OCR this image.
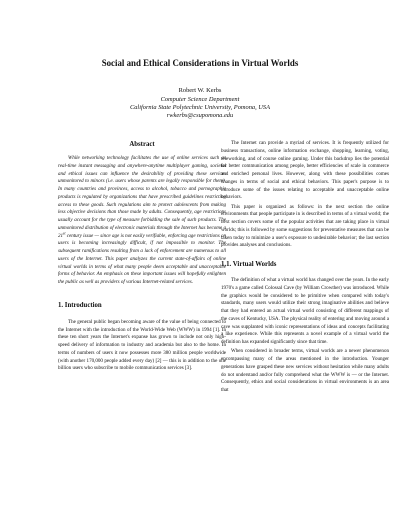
Social and Ethical Considerations in Virtual Worlds
Robert W. Kerbs
Computer Science Department
California State Polytechnic University, Pomona, USA
rwkerbs@csupomona.edu
Abstract

While networking technology facilitates the use of online services such as real-time instant messaging and anywhere-anytime multiplayer gaming, societal and ethical issues can influence the desirability of providing these services unmonitored to minors (i.e. users whose parents are legally responsible for them). In many countries and provinces, access to alcohol, tobacco and pornographic products is regulated by organizations that have prescribed guidelines restricting access to these goods. Such regulations aim to protect adolescents from making less objective decisions than those made by adults. Consequently, age restrictions usually account for the type of measure forbidding the sale of such products. The unmonitored distribution of electronic materials through the Internet has become a 21st century issue — since age is not easily verifiable, enforcing age restrictions on users is becoming increasingly difficult, if not impossible to monitor. The subsequent ramifications resulting from a lack of enforcement are numerous to all users of the Internet. This paper analyzes the current state-of-affairs of online virtual worlds in terms of what many people deem acceptable and unacceptable forms of behavior. An emphasis on these important issues will hopefully enlighten the public as well as providers of various Internet-related services.

1. Introduction

The general public began becoming aware of the value of being connected to the Internet with the introduction of the World-Wide Web (WWW) in 1994 [1]. In these ten short years the Internet's expanse has grown to include not only high-speed delivery of information to industry and academia but also to the home. In terms of numbers of users it now possesses more 380 million people worldwide (with another 170,000 people added every day) [2] — this is in addition to the one billion users who subscribe to mobile communication services [3].

The Internet can provide a myriad of services. It is frequently utilized for business transactions, online information exchange, shopping, learning, voting, teleworking, and of course online gaming. Under this backdrop lies the potential for better communication among people, better efficiencies of scale in commerce and enriched personal lives. However, along with these possibilities comes changes in terms of social and ethical behaviors. This paper's purpose is to introduce some of the issues relating to acceptable and unacceptable online behaviors.

This paper is organized as follows: in the next section the online environments that people participate in is described in terms of a virtual world; the next section covers some of the popular activities that are taking place in virtual worlds; this is followed by some suggestions for preventative measures that can be taken today to minimize a user's exposure to undesirable behavior; the last section provides analyses and conclusions.

1.1. Virtual Worlds

The definition of what a virtual world has changed over the years. In the early 1970's a game called Colossal Cave (by William Crowther) was introduced. While the graphics would be considered to be primitive when compared with today's standards, many users would utilize their strong imaginative abilities and believe that they had entered an actual virtual world consisting of different mappings of the caves of Kentucky, USA. The physical reality of entering and moving around a cave was supplanted with iconic representations of ideas and concepts facilitating a like experience. While this represents a novel example of a virtual world the definition has expanded significantly since that time.

When considered in broader terms, virtual worlds are a newer phenomenon encompassing many of the areas mentioned in the introduction. Younger generations have grasped these new services without hesitation while many adults do not understand and/or fully comprehend what the WWW is — or the Internet. Consequently, ethics and social considerations in virtual environments is an area that
